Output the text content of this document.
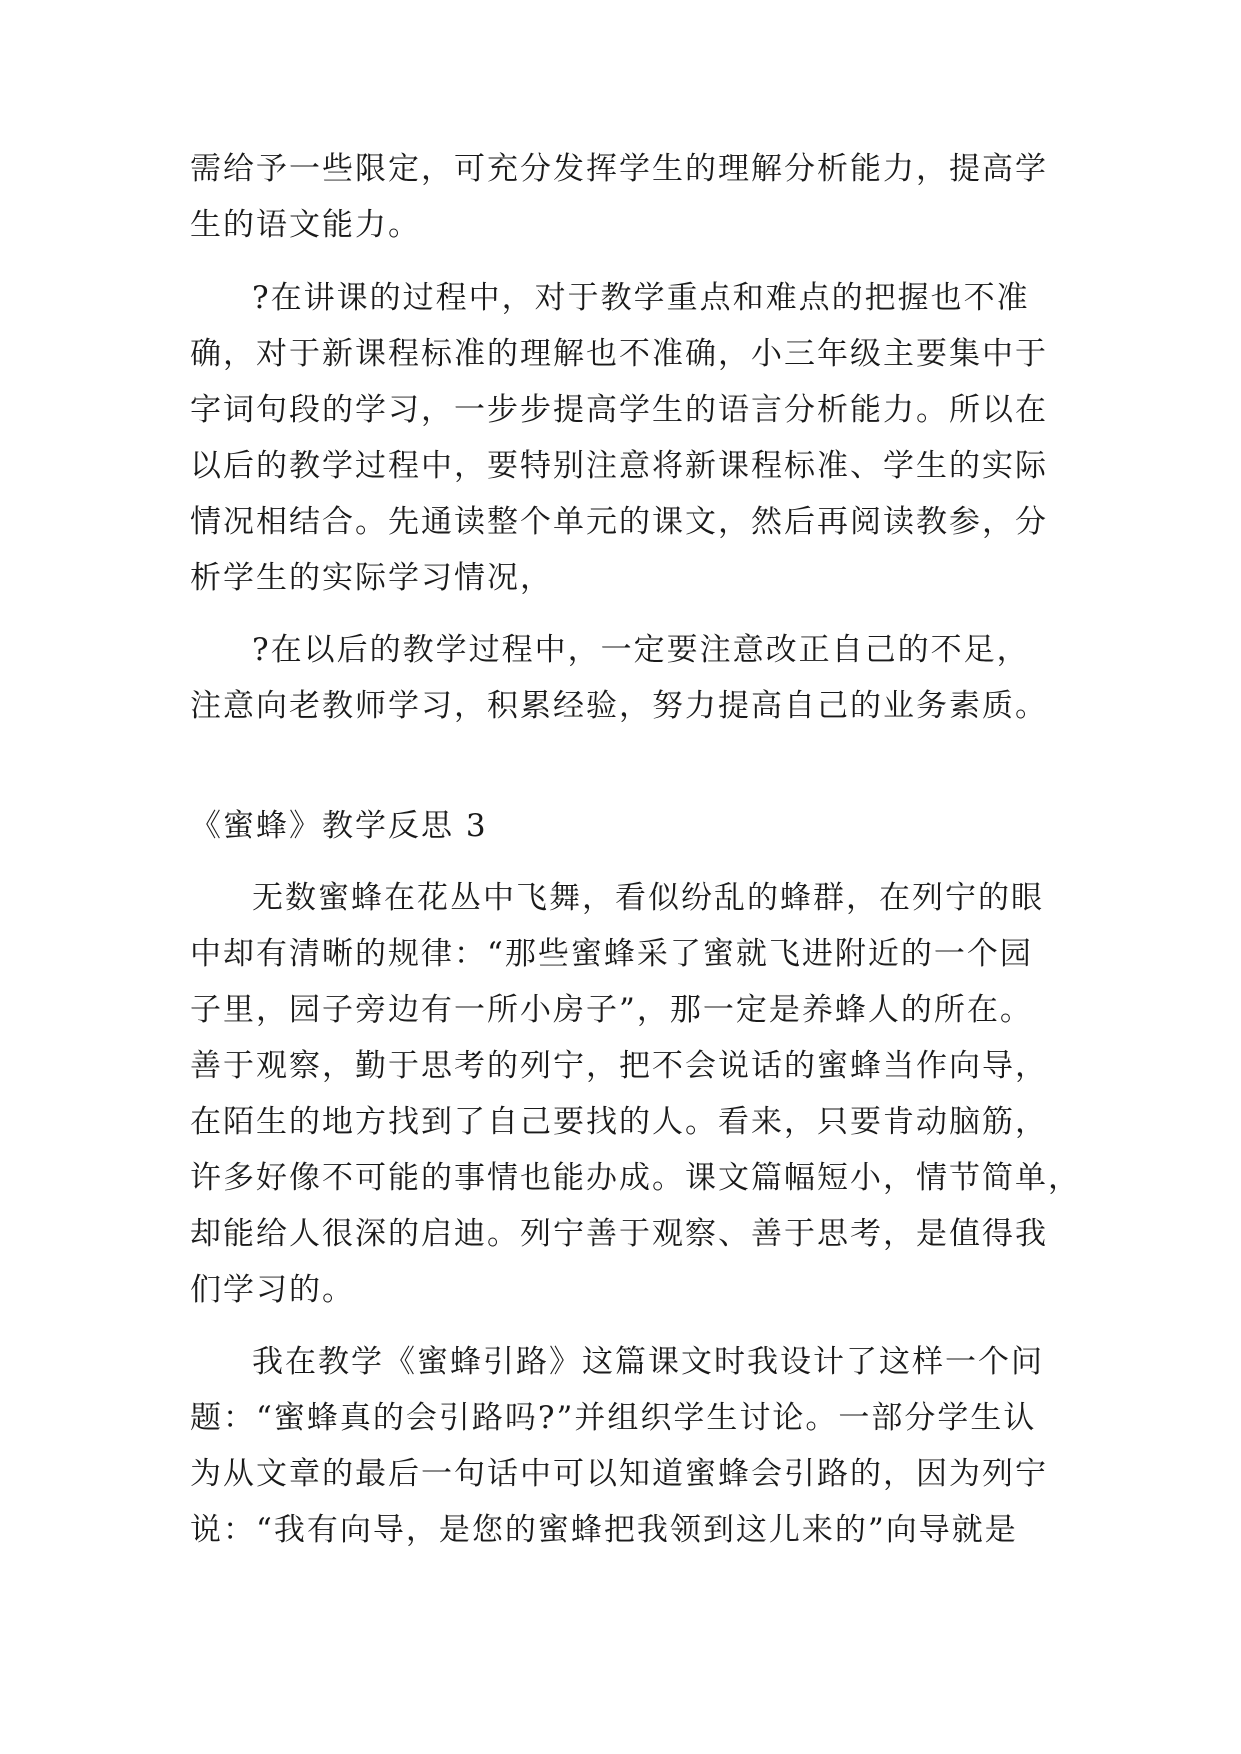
需给予一些限定，可充分发挥学生的理解分析能力，提高学
生的语文能力。
?在讲课的过程中，对于教学重点和难点的把握也不准
确，对于新课程标准的理解也不准确，小三年级主要集中于
字词句段的学习，一步步提高学生的语言分析能力。所以在
以后的教学过程中，要特别注意将新课程标准、学生的实际
情况相结合。先通读整个单元的课文，然后再阅读教参，分
析学生的实际学习情况，
?在以后的教学过程中，一定要注意改正自己的不足，
注意向老教师学习，积累经验，努力提高自己的业务素质。
《蜜蜂》教学反思 3
无数蜜蜂在花丛中飞舞，看似纷乱的蜂群，在列宁的眼
中却有清晰的规律：“那些蜜蜂采了蜜就飞进附近的一个园
子里，园子旁边有一所小房子”，那一定是养蜂人的所在。
善于观察，勤于思考的列宁，把不会说话的蜜蜂当作向导，
在陌生的地方找到了自己要找的人。看来，只要肯动脑筋，
许多好像不可能的事情也能办成。课文篇幅短小，情节简单，
却能给人很深的启迪。列宁善于观察、善于思考，是值得我
们学习的。
我在教学《蜜蜂引路》这篇课文时我设计了这样一个问
题：“蜜蜂真的会引路吗?”并组织学生讨论。一部分学生认
为从文章的最后一句话中可以知道蜜蜂会引路的，因为列宁
说：“我有向导，是您的蜜蜂把我领到这儿来的”向导就是
